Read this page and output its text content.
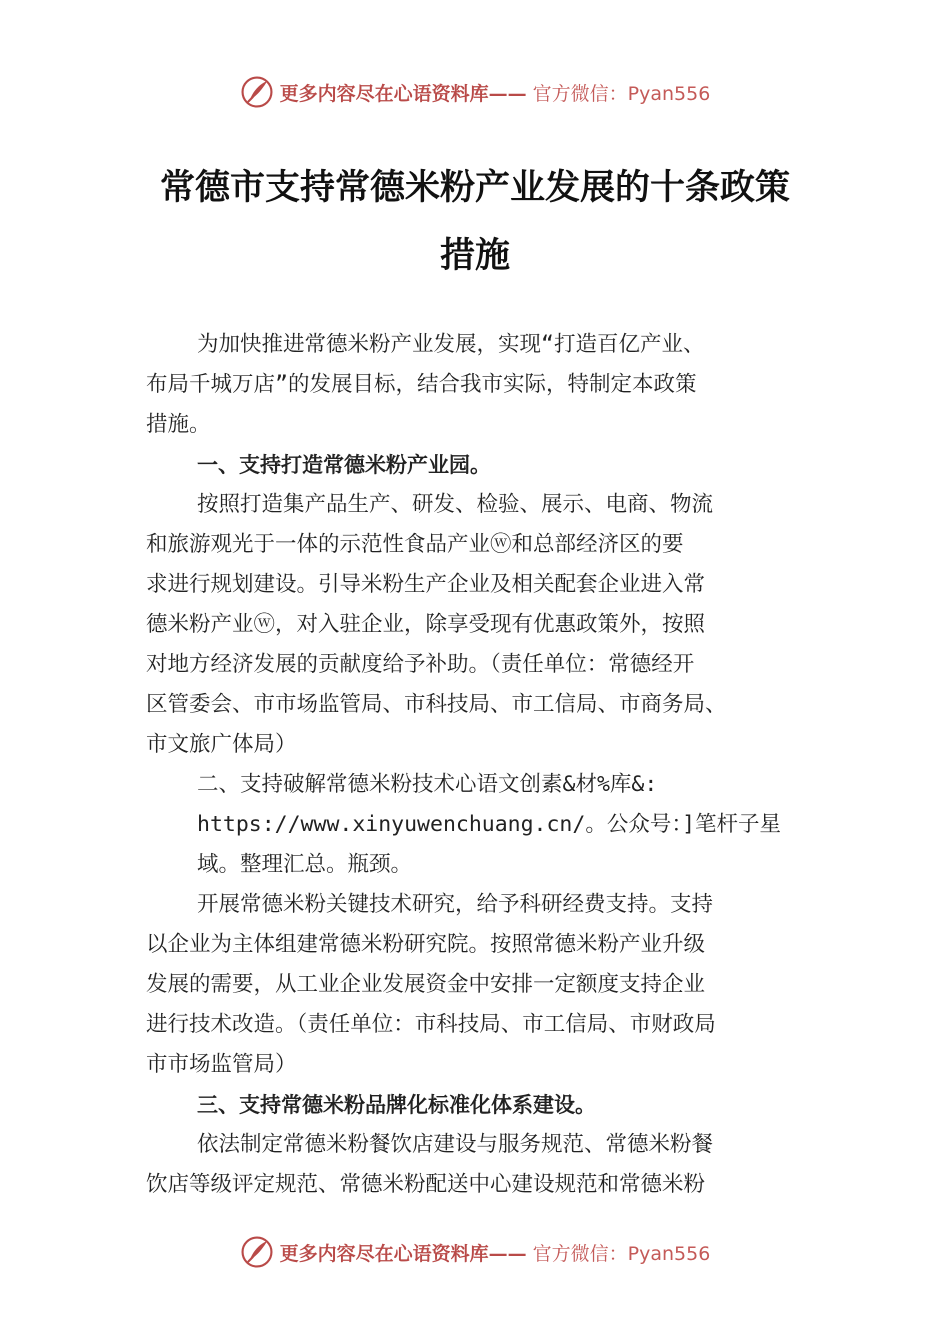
更多内容尽在心语资料库—— 官方微信：Pyan556
常德市支持常德米粉产业发展的十条政策
措施
为加快推进常德米粉产业发展，实现“打造百亿产业、
布局千城万店”的发展目标，结合我市实际，特制定本政策
措施。
一、支持打造常德米粉产业园。
按照打造集产品生产、研发、检验、展示、电商、物流
和旅游观光于一体的示范性食品产业ⓦ和总部经济区的要
求进行规划建设。引导米粉生产企业及相关配套企业进入常
德米粉产业ⓦ，对入驻企业，除享受现有优惠政策外，按照
对地方经济发展的贡献度给予补助。（责任单位：常德经开
区管委会、市市场监管局、市科技局、市工信局、市商务局、
市文旅广体局）
二、支持破解常德米粉技术心语文创素&材%库&:
https://www.xinyuwenchuang.cn/。公众号：]笔杆子星
域。整理汇总。瓶颈。
开展常德米粉关键技术研究，给予科研经费支持。支持
以企业为主体组建常德米粉研究院。按照常德米粉产业升级
发展的需要，从工业企业发展资金中安排一定额度支持企业
进行技术改造。（责任单位：市科技局、市工信局、市财政局
市市场监管局）
三、支持常德米粉品牌化标准化体系建设。
依法制定常德米粉餐饮店建设与服务规范、常德米粉餐
饮店等级评定规范、常德米粉配送中心建设规范和常德米粉
更多内容尽在心语资料库—— 官方微信：Pyan556
